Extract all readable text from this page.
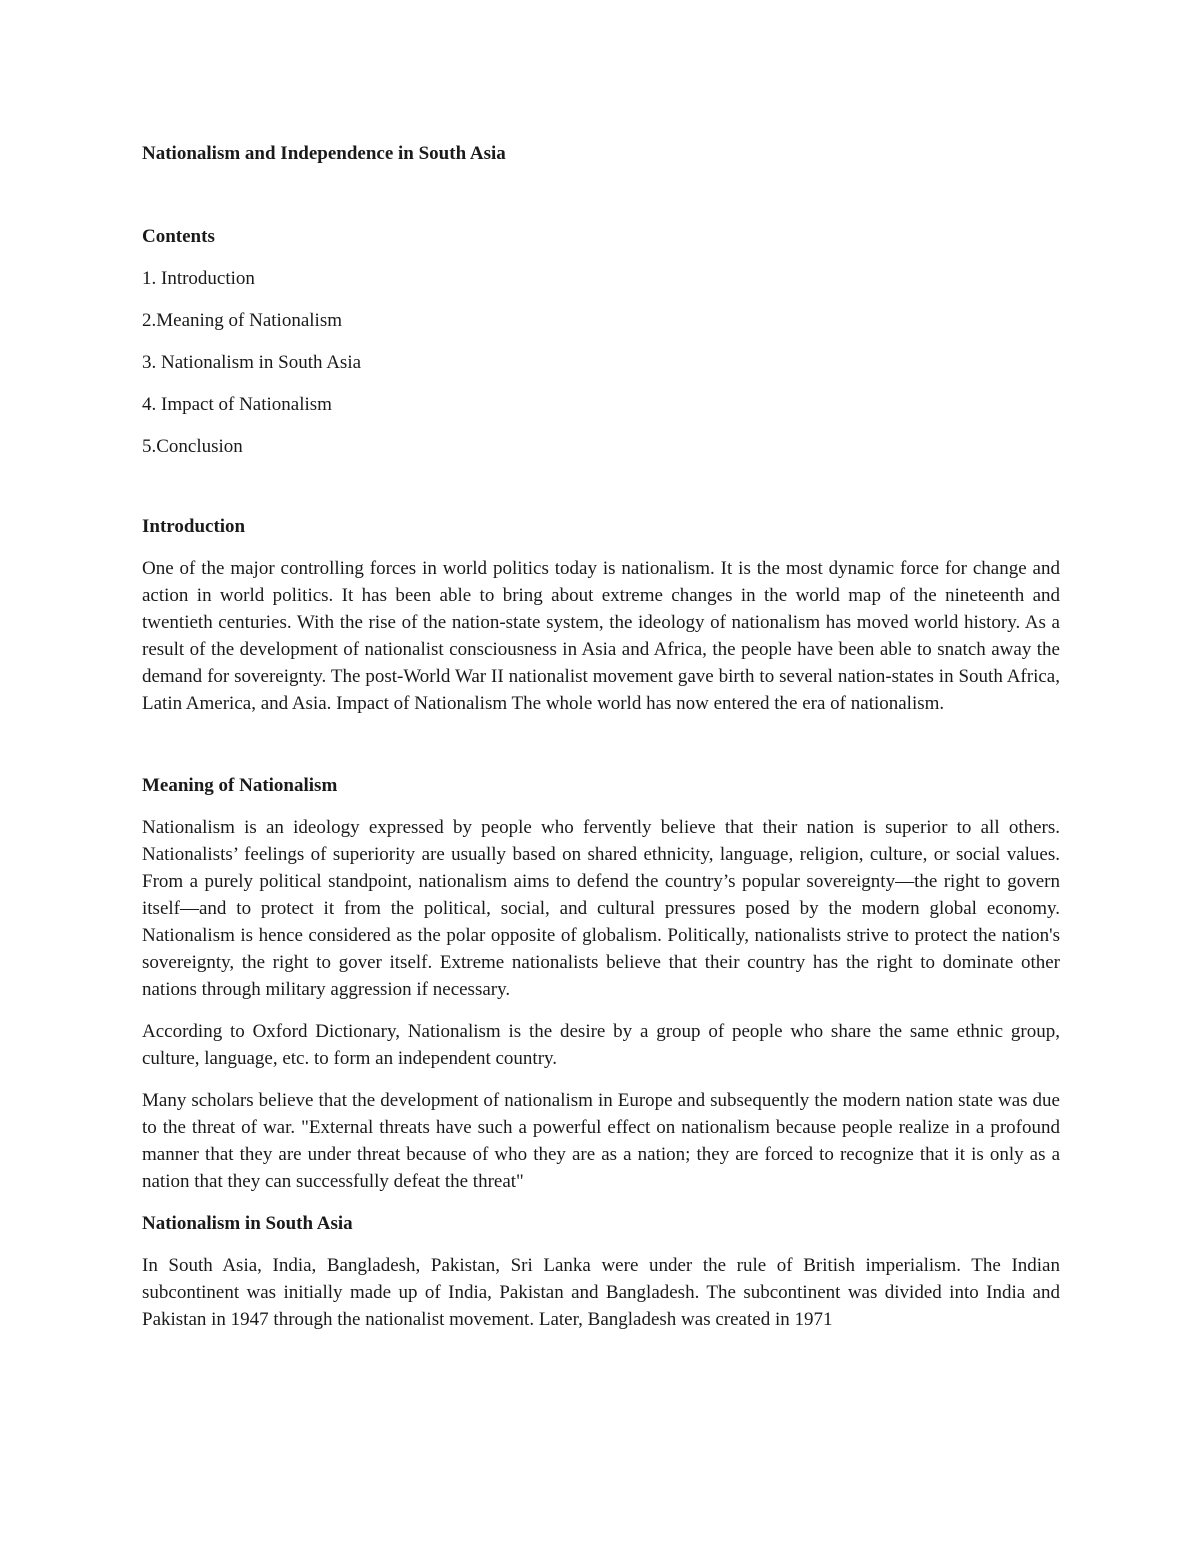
Nationalism and Independence in South Asia
Contents
1. Introduction
2.Meaning of Nationalism
3. Nationalism in South Asia
4. Impact of Nationalism
5.Conclusion
Introduction

One of the major controlling forces in world politics today is nationalism. It is the most dynamic force for change and action in world politics. It has been able to bring about extreme changes in the world map of the nineteenth and twentieth centuries. With the rise of the nation-state system, the ideology of nationalism has moved world history. As a result of the development of nationalist consciousness in Asia and Africa, the people have been able to snatch away the demand for sovereignty. The post-World War II nationalist movement gave birth to several nation-states in South Africa, Latin America, and Asia. Impact of Nationalism The whole world has now entered the era of nationalism.

Meaning of Nationalism

Nationalism is an ideology expressed by people who fervently believe that their nation is superior to all others. Nationalists’ feelings of superiority are usually based on shared ethnicity, language, religion, culture, or social values. From a purely political standpoint, nationalism aims to defend the country’s popular sovereignty—the right to govern itself—and to protect it from the political, social, and cultural pressures posed by the modern global economy. Nationalism is hence considered as the polar opposite of globalism. Politically, nationalists strive to protect the nation's sovereignty, the right to gover itself. Extreme nationalists believe that their country has the right to dominate other nations through military aggression if necessary.

According to Oxford Dictionary, Nationalism is the desire by a group of people who share the same ethnic group, culture, language, etc. to form an independent country.

Many scholars believe that the development of nationalism in Europe and subsequently the modern nation state was due to the threat of war. "External threats have such a powerful effect on nationalism because people realize in a profound manner that they are under threat because of who they are as a nation; they are forced to recognize that it is only as a nation that they can successfully defeat the threat"

Nationalism in South Asia

In South Asia, India, Bangladesh, Pakistan, Sri Lanka were under the rule of British imperialism. The Indian subcontinent was initially made up of India, Pakistan and Bangladesh. The subcontinent was divided into India and Pakistan in 1947 through the nationalist movement. Later, Bangladesh was created in 1971
